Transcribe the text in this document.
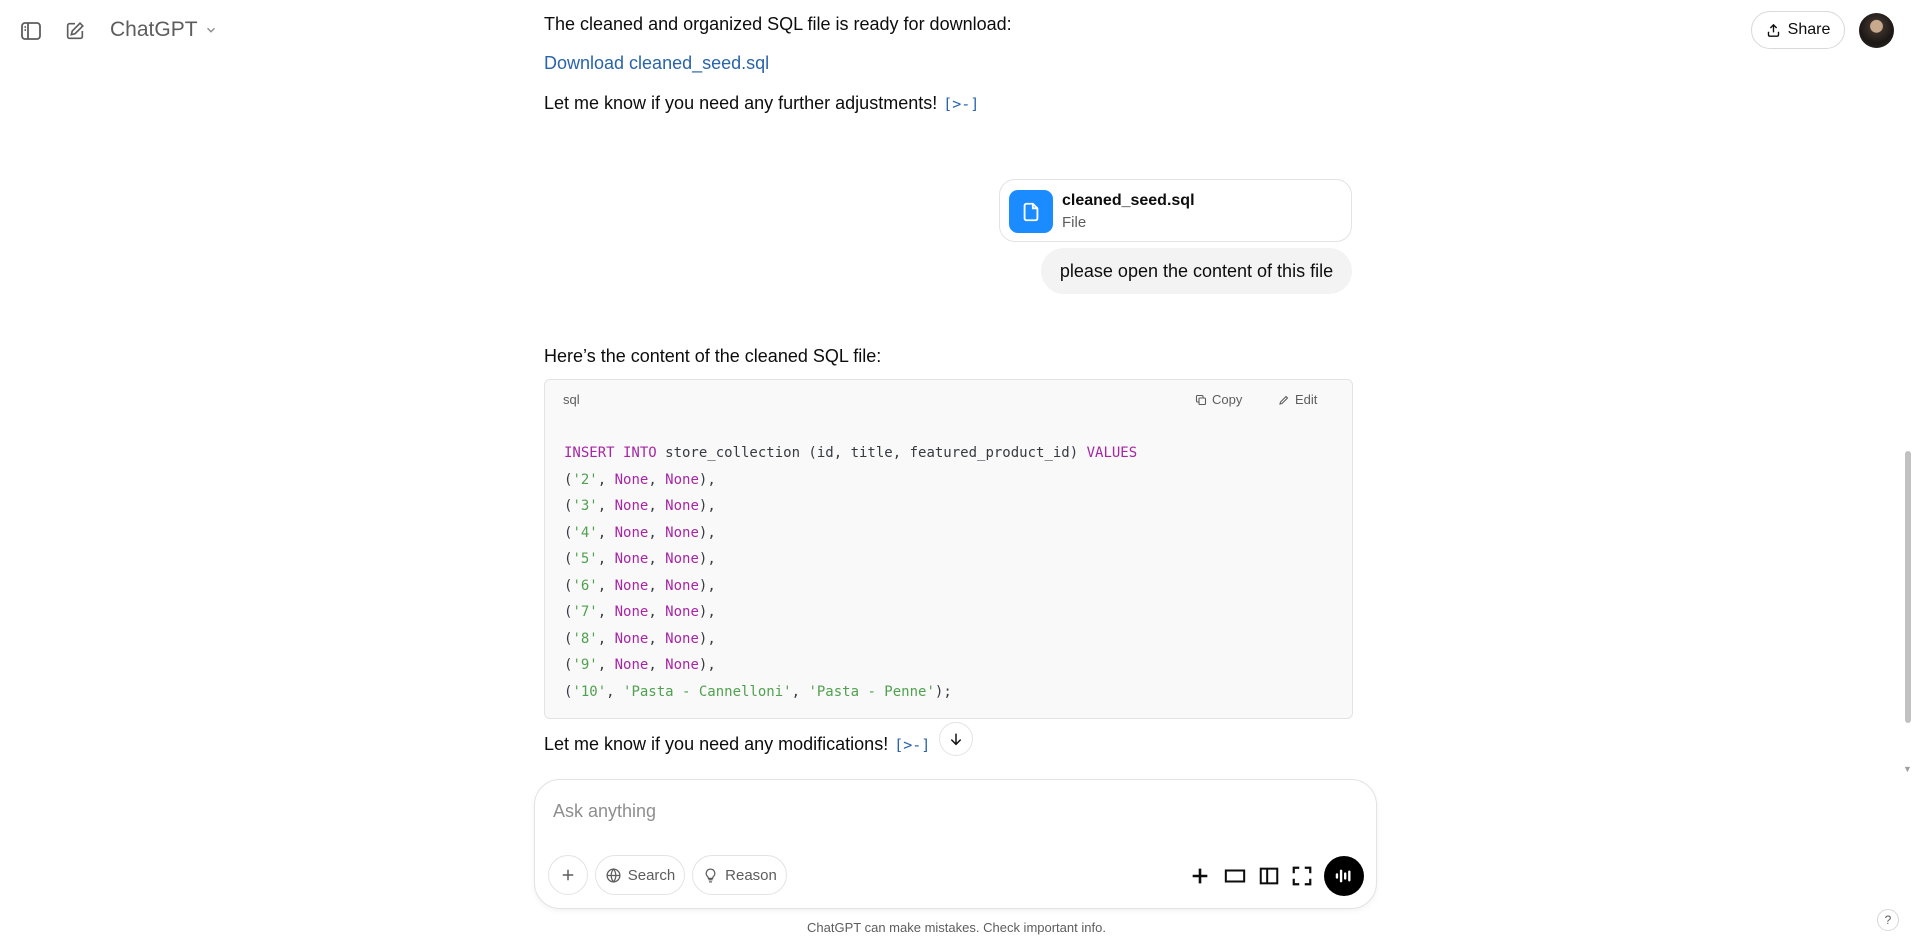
ChatGPT	Share
The cleaned and organized SQL file is ready for download:
Download cleaned_seed.sql
Let me know if you need any further adjustments! [>-]
cleaned_seed.sql
File
please open the content of this file
Here’s the content of the cleaned SQL file:
sql	Copy	Edit
INSERT INTO store_collection (id, title, featured_product_id) VALUES
('2', None, None),
('3', None, None),
('4', None, None),
('5', None, None),
('6', None, None),
('7', None, None),
('8', None, None),
('9', None, None),
('10', 'Pasta - Cannelloni', 'Pasta - Penne');
Let me know if you need any modifications! [>-]
Ask anything
Search	Reason
ChatGPT can make mistakes. Check important info.	?
▼
